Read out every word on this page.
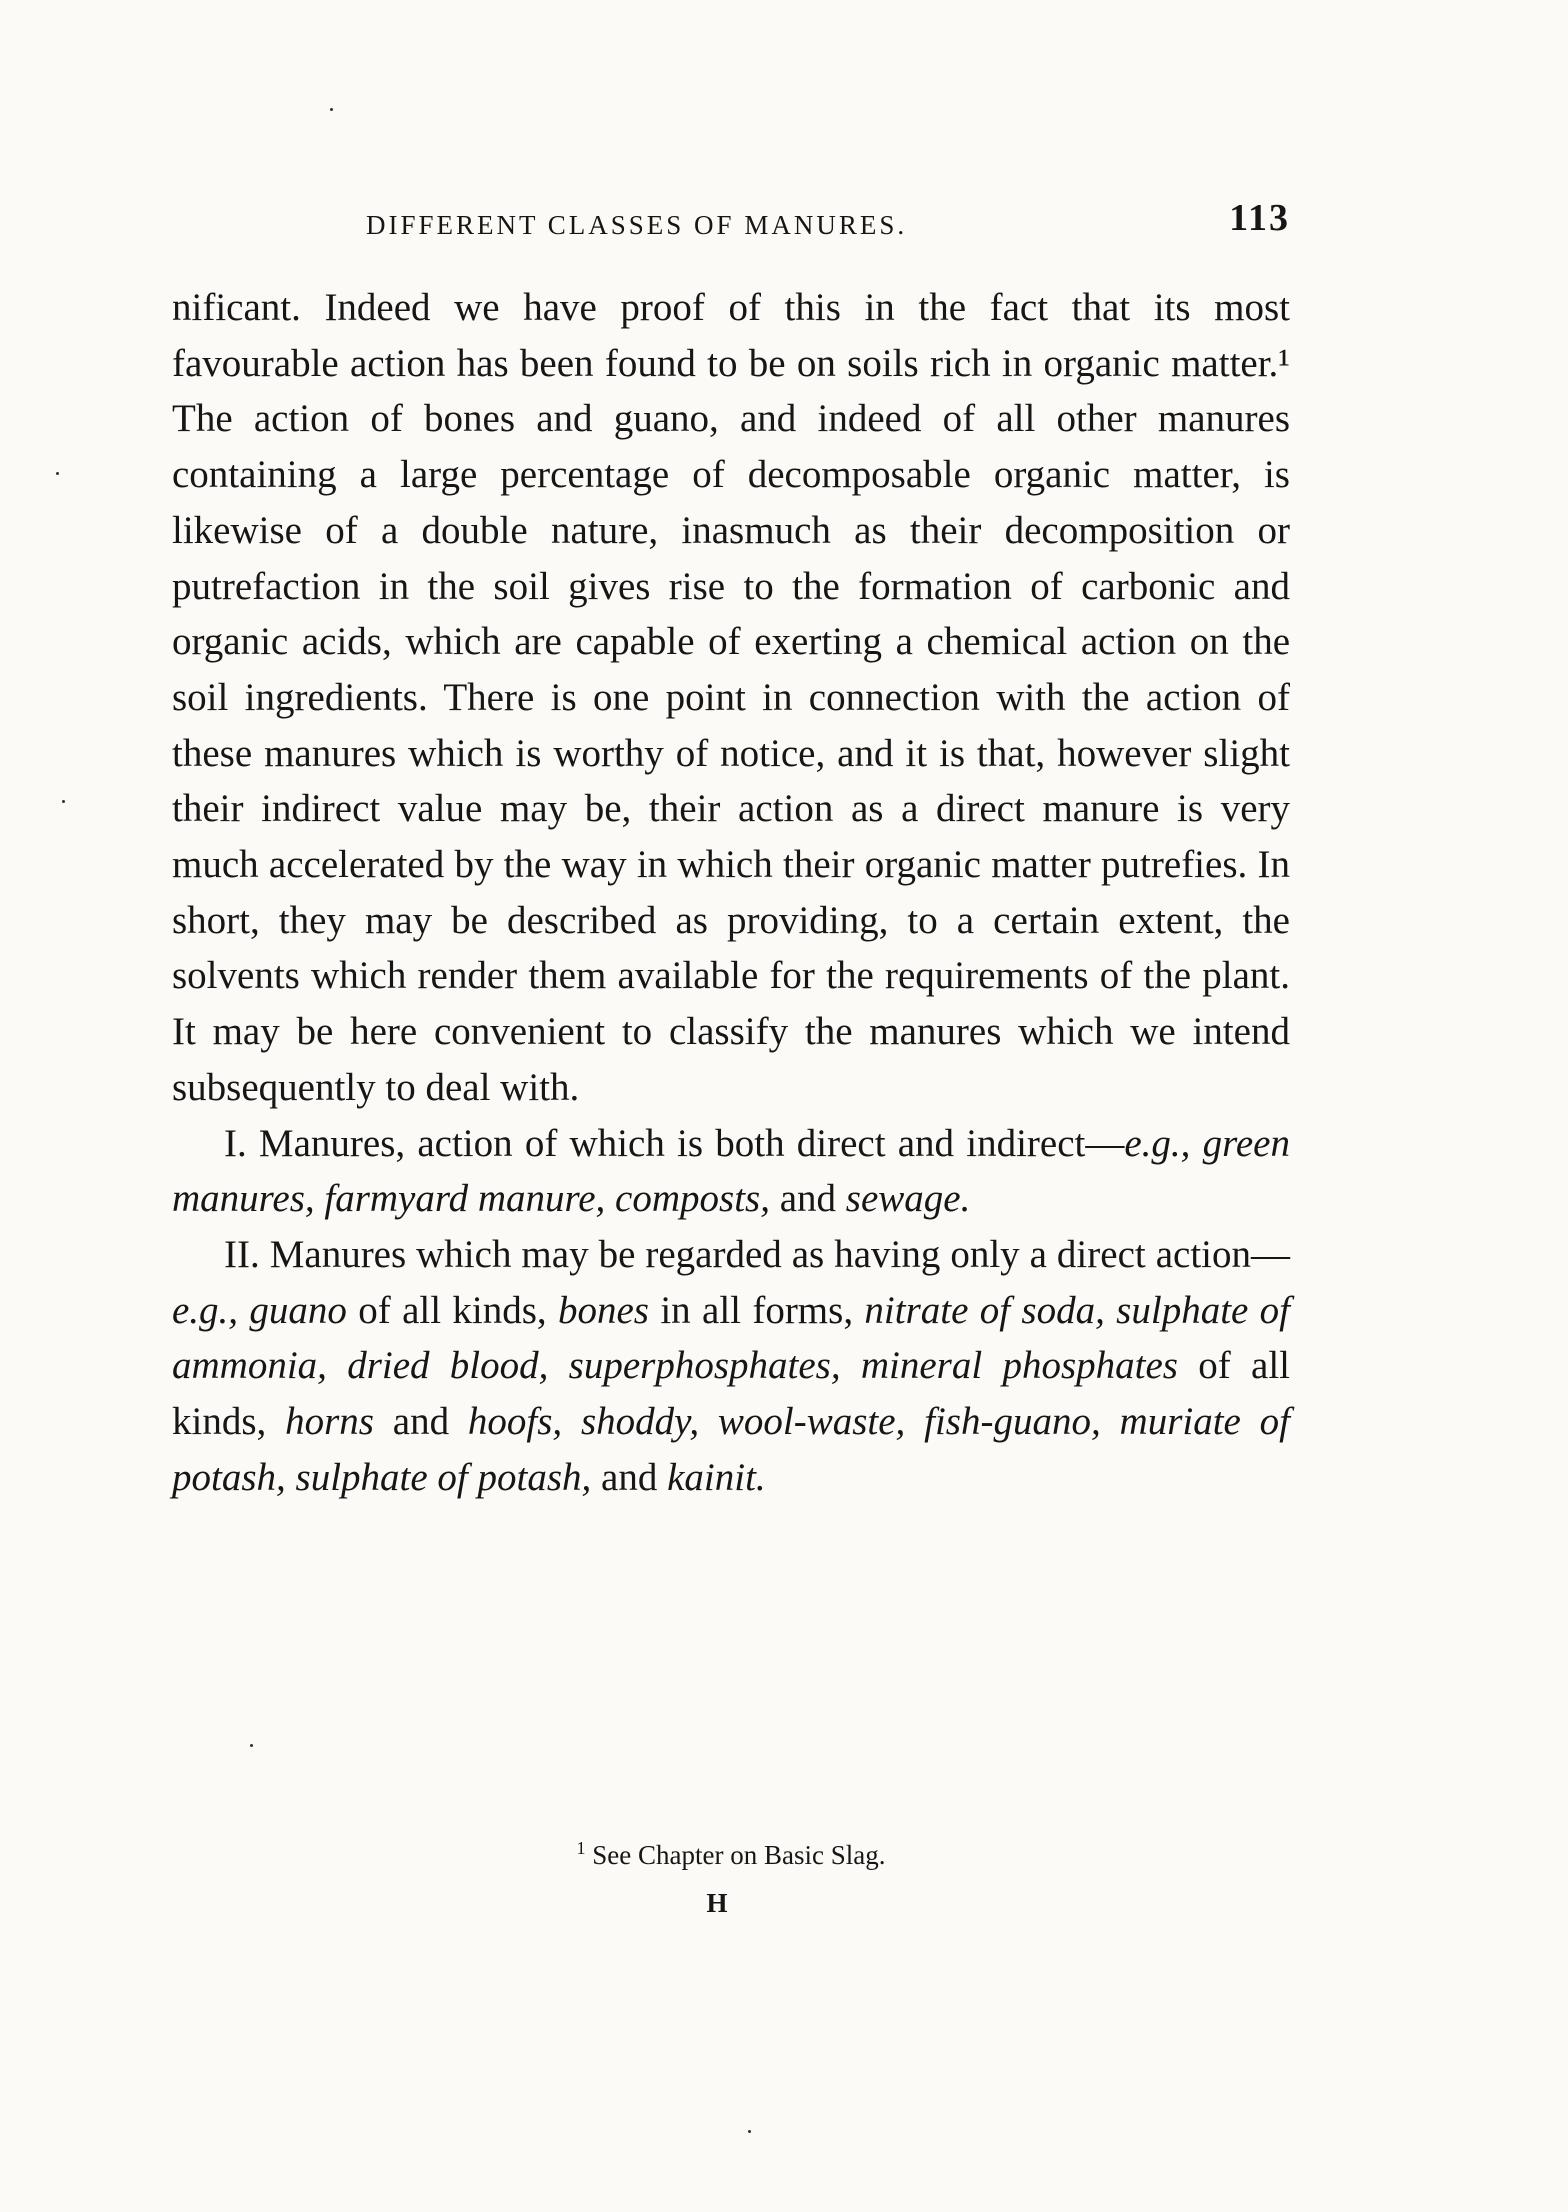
DIFFERENT CLASSES OF MANURES.	113

nificant. Indeed we have proof of this in the fact that its most favourable action has been found to be on soils rich in organic matter.¹ The action of bones and guano, and indeed of all other manures containing a large percentage of decomposable organic matter, is likewise of a double nature, inasmuch as their decomposition or putrefaction in the soil gives rise to the formation of carbonic and organic acids, which are capable of exerting a chemical action on the soil ingredients. There is one point in connection with the action of these manures which is worthy of notice, and it is that, however slight their indirect value may be, their action as a direct manure is very much accelerated by the way in which their organic matter putrefies. In short, they may be described as providing, to a certain extent, the solvents which render them available for the requirements of the plant. It may be here convenient to classify the manures which we intend subsequently to deal with.

I. Manures, action of which is both direct and indirect—e.g., green manures, farmyard manure, composts, and sewage.

II. Manures which may be regarded as having only a direct action—e.g., guano of all kinds, bones in all forms, nitrate of soda, sulphate of ammonia, dried blood, superphosphates, mineral phosphates of all kinds, horns and hoofs, shoddy, wool-waste, fish-guano, muriate of potash, sulphate of potash, and kainit.

$^1$ See Chapter on Basic Slag.
H
